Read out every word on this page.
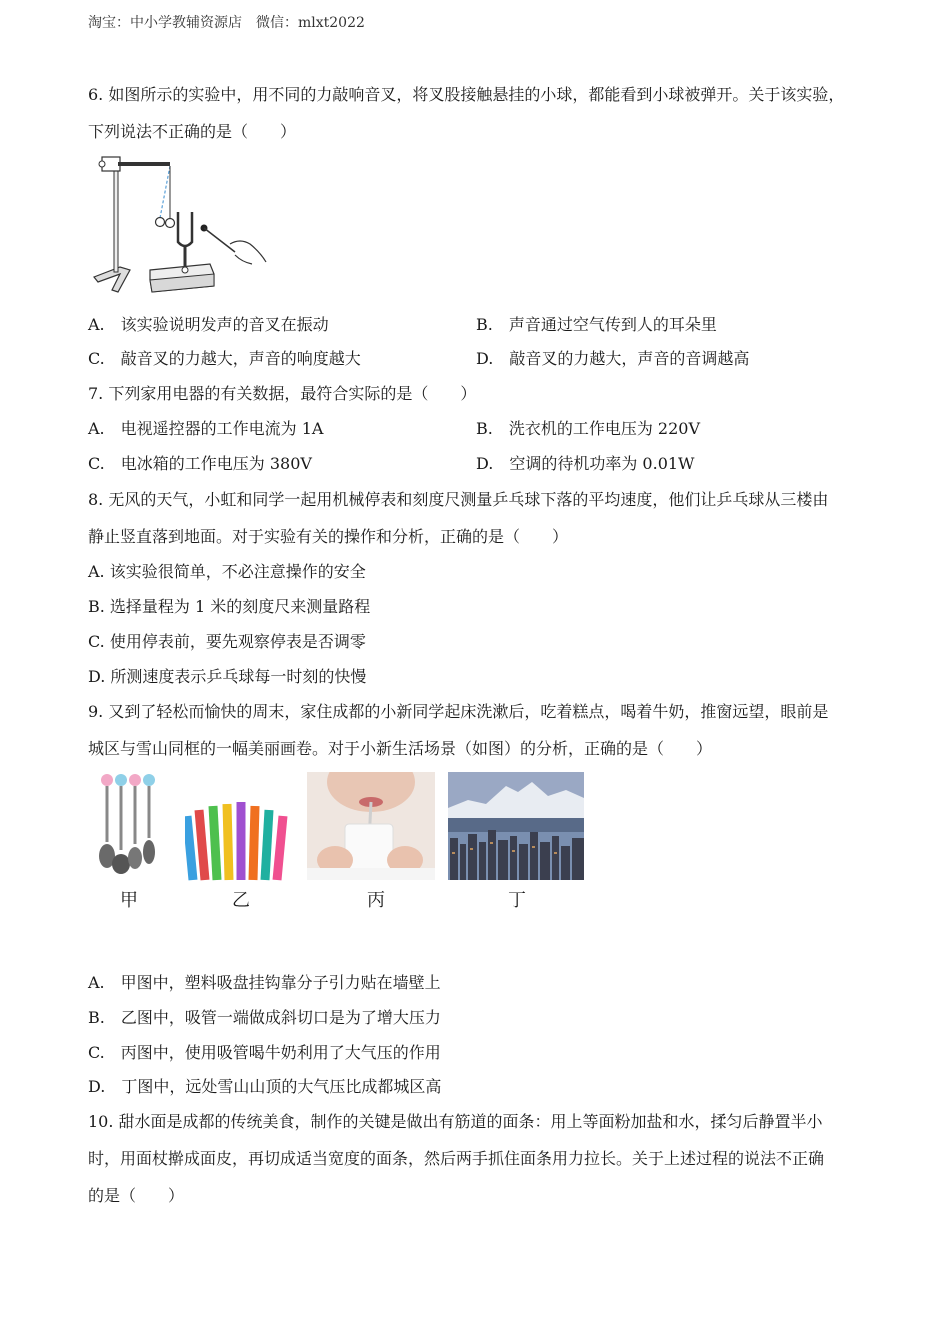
淘宝：中小学教辅资源店　微信：mlxt2022
6. 如图所示的实验中，用不同的力敲响音叉，将叉股接触悬挂的小球，都能看到小球被弹开。关于该实验，
下列说法不正确的是（　　）
A.　该实验说明发声的音叉在振动	B.　声音通过空气传到人的耳朵里
C.　敲音叉的力越大，声音的响度越大	D.　敲音叉的力越大，声音的音调越高
7. 下列家用电器的有关数据，最符合实际的是（　　）
A.　电视遥控器的工作电流为 1A	B.　洗衣机的工作电压为 220V
C.　电冰箱的工作电压为 380V	D.　空调的待机功率为 0.01W
8. 无风的天气，小虹和同学一起用机械停表和刻度尺测量乒乓球下落的平均速度，他们让乒乓球从三楼由
静止竖直落到地面。对于实验有关的操作和分析，正确的是（　　）
A. 该实验很简单，不必注意操作的安全
B. 选择量程为 1 米的刻度尺来测量路程
C. 使用停表前，要先观察停表是否调零
D. 所测速度表示乒乓球每一时刻的快慢
9. 又到了轻松而愉快的周末，家住成都的小新同学起床洗漱后，吃着糕点，喝着牛奶，推窗远望，眼前是
城区与雪山同框的一幅美丽画卷。对于小新生活场景（如图）的分析，正确的是（　　）
甲	乙	丙	丁
A.　甲图中，塑料吸盘挂钩靠分子引力贴在墙壁上
B.　乙图中，吸管一端做成斜切口是为了增大压力
C.　丙图中，使用吸管喝牛奶利用了大气压的作用
D.　丁图中，远处雪山山顶的大气压比成都城区高
10. 甜水面是成都的传统美食，制作的关键是做出有筋道的面条：用上等面粉加盐和水，揉匀后静置半小
时，用面杖擀成面皮，再切成适当宽度的面条，然后两手抓住面条用力拉长。关于上述过程的说法不正确
的是（　　）
